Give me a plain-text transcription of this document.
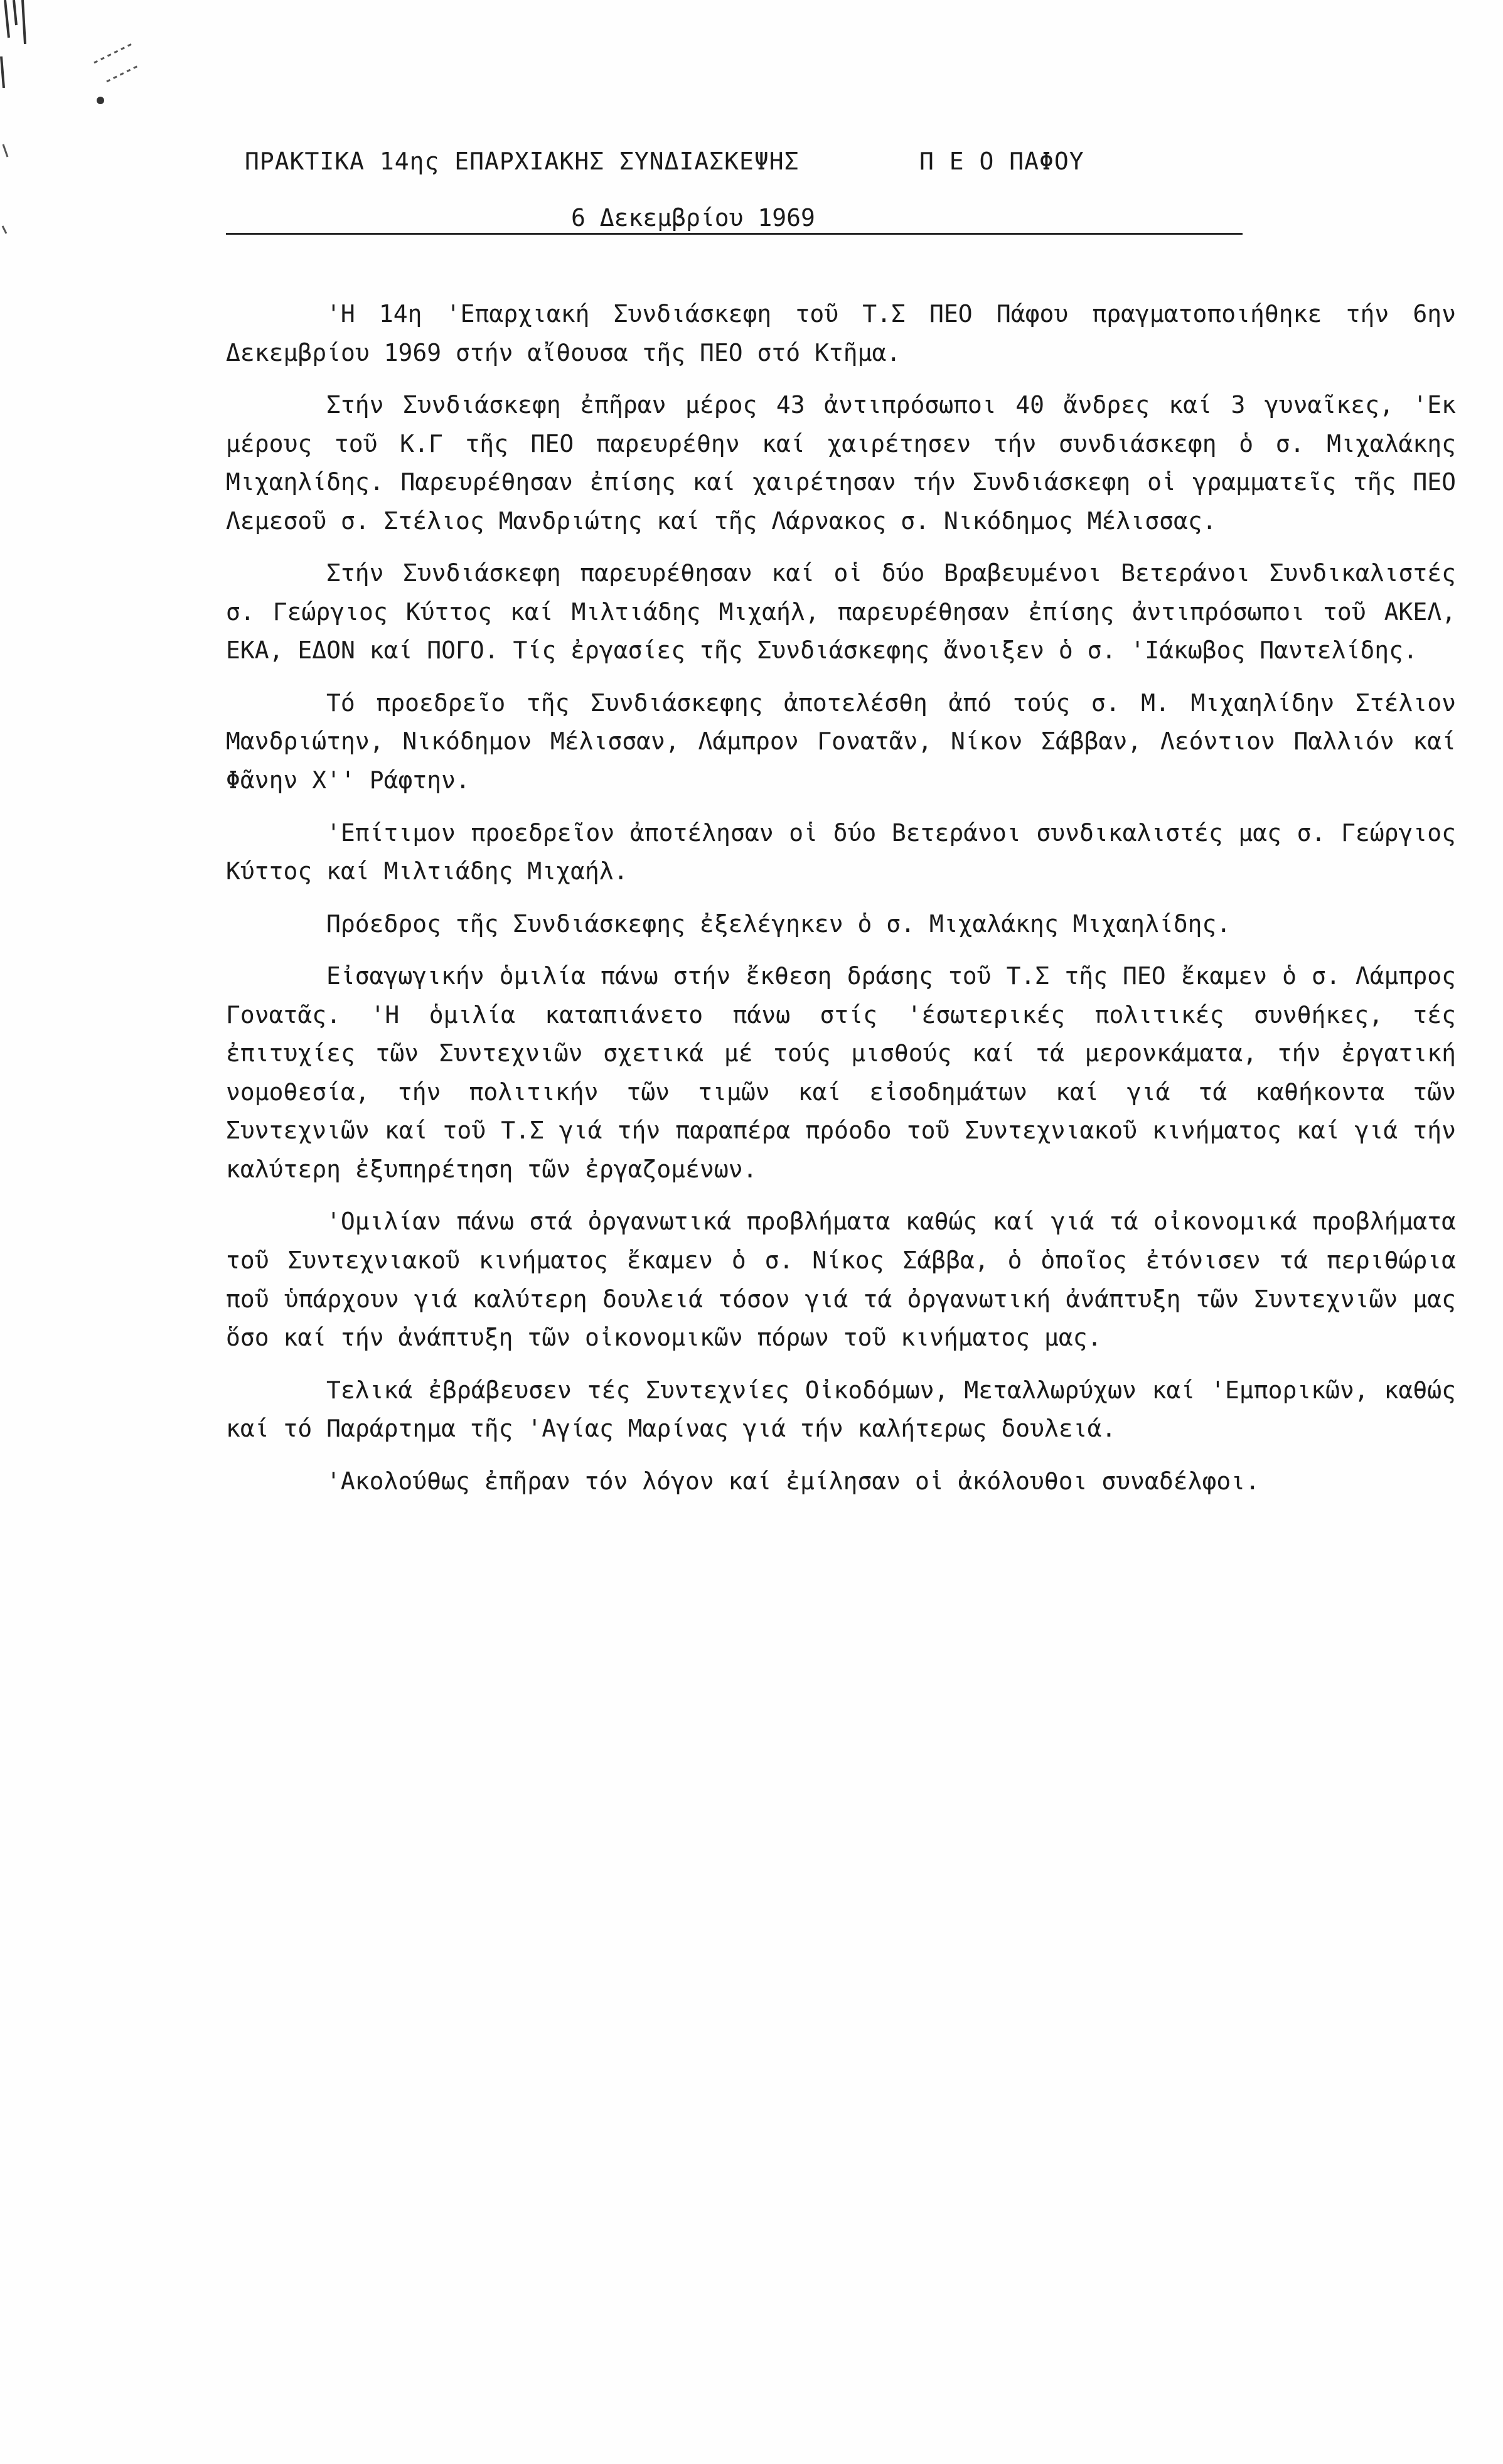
ΠΡΑΚΤΙΚΑ 14ης ΕΠΑΡΧΙΑΚΗΣ ΣΥΝΔΙΑΣΚΕΨΗΣ	Π Ε Ο ΠΑΦΟΥ
6 Δεκεμβρίου 1969

'Η 14η 'Επαρχιακή Συνδιάσκεφη τοῦ Τ.Σ ΠΕΟ Πάφου πραγματοποιήθηκε τήν 6ην Δεκεμβρίου 1969 στήν αἴθουσα τῆς ΠΕΟ στό Κτῆμα.

Στήν Συνδιάσκεφη ἐπῆραν μέρος 43 ἀντιπρόσωποι 40 ἄνδρες καί 3 γυναῖκες, 'Εκ μέρους τοῦ Κ.Γ τῆς ΠΕΟ παρευρέθην καί χαιρέτησεν τήν συνδιάσκεφη ὁ σ. Μιχαλάκης Μιχαηλίδης. Παρευρέθησαν ἐπίσης καί χαιρέτησαν τήν Συνδιάσκεφη οἱ γραμματεῖς τῆς ΠΕΟ Λεμεσοῦ σ. Στέλιος Μανδριώτης καί τῆς Λάρνακος σ. Νικόδημος Μέλισσας.

Στήν Συνδιάσκεφη παρευρέθησαν καί οἱ δύο Βραβευμένοι Βετεράνοι Συνδικαλιστές σ. Γεώργιος Κύττος καί Μιλτιάδης Μιχαήλ, παρευρέθησαν ἐπίσης ἀντιπρόσωποι τοῦ ΑΚΕΛ, ΕΚΑ, ΕΔΟΝ καί ΠΟΓΟ. Τίς ἐργασίες τῆς Συνδιάσκεφης ἄνοιξεν ὁ σ. 'Ιάκωβος Παντελίδης.

Τό προεδρεῖο τῆς Συνδιάσκεφης ἀποτελέσθη ἀπό τούς σ. Μ. Μιχαηλίδην Στέλιον Μανδριώτην, Νικόδημον Μέλισσαν, Λάμπρον Γονατᾶν, Νίκον Σάββαν, Λεόντιον Παλλιόν καί Φᾶνην Χ'' Ράφτην.

'Επίτιμον προεδρεῖον ἀποτέλησαν οἱ δύο Βετεράνοι συνδικαλιστές μας σ. Γεώργιος Κύττος καί Μιλτιάδης Μιχαήλ.

Πρόεδρος τῆς Συνδιάσκεφης ἐξελέγηκεν ὁ σ. Μιχαλάκης Μιχαηλίδης.

Εἰσαγωγικήν ὁμιλία πάνω στήν ἔκθεση δράσης τοῦ Τ.Σ τῆς ΠΕΟ ἔκαμεν ὁ σ. Λάμπρος Γονατᾶς. 'Η ὁμιλία καταπιάνετο πάνω στίς 'έσωτερικές πολιτικές συνθήκες, τές ἐπιτυχίες τῶν Συντεχνιῶν σχετικά μέ τούς μισθούς καί τά μερονκάματα, τήν ἐργατική νομοθεσία, τήν πολιτικήν τῶν τιμῶν καί εἰσοδημάτων καί γιά τά καθήκοντα τῶν Συντεχνιῶν καί τοῦ Τ.Σ γιά τήν παραπέρα πρόοδο τοῦ Συντεχνιακοῦ κινήματος καί γιά τήν καλύτερη ἐξυπηρέτηση τῶν ἐργαζομένων.

'Ομιλίαν πάνω στά ὀργανωτικά προβλήματα καθώς καί γιά τά οἰκονομικά προβλήματα τοῦ Συντεχνιακοῦ κινήματος ἔκαμεν ὁ σ. Νίκος Σάββα, ὁ ὁποῖος ἐτόνισεν τά περιθώρια ποῦ ὑπάρχουν γιά καλύτερη δουλειά τόσον γιά τά ὀργανωτική ἀνάπτυξη τῶν Συντεχνιῶν μας ὅσο καί τήν ἀνάπτυξη τῶν οἰκονομικῶν πόρων τοῦ κινήματος μας.

Τελικά ἐβράβευσεν τές Συντεχνίες Οἰκοδόμων, Μεταλλωρύχων καί 'Εμπορικῶν, καθώς καί τό Παράρτημα τῆς 'Αγίας Μαρίνας γιά τήν καλήτερως δουλειά.

'Ακολούθως ἐπῆραν τόν λόγον καί ἐμίλησαν οἱ ἀκόλουθοι συναδέλφοι.
